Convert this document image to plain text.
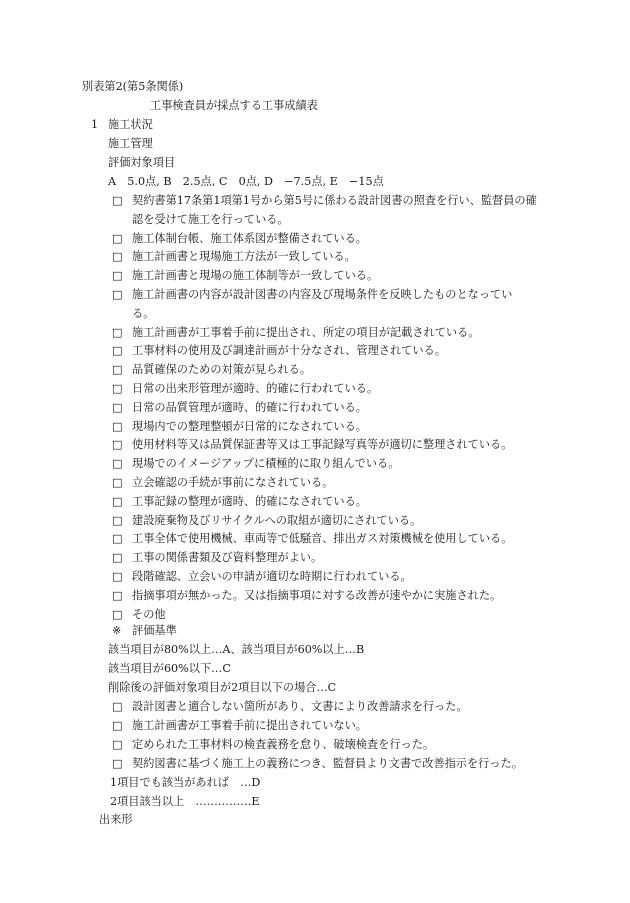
別表第2(第5条関係)
工事検査員が採点する工事成績表
1 施工状況
施工管理
評価対象項目
A　5.0点, B　2.5点, C　0点, D　−7.5点, E　−15点
□ 契約書第17条第1項第1号から第5号に係わる設計図書の照査を行い、監督員の確
認を受けて施工を行っている。
□ 施工体制台帳、施工体系図が整備されている。
□ 施工計画書と現場施工方法が一致している。
□ 施工計画書と現場の施工体制等が一致している。
□ 施工計画書の内容が設計図書の内容及び現場条件を反映したものとなってい
る。
□ 施工計画書が工事着手前に提出され、所定の項目が記載されている。
□ 工事材料の使用及び調達計画が十分なされ、管理されている。
□ 品質確保のための対策が見られる。
□ 日常の出来形管理が適時、的確に行われている。
□ 日常の品質管理が適時、的確に行われている。
□ 現場内での整理整頓が日常的になされている。
□ 使用材料等又は品質保証書等又は工事記録写真等が適切に整理されている。
□ 現場でのイメージアップに積極的に取り組んでいる。
□ 立会確認の手続が事前になされている。
□ 工事記録の整理が適時、的確になされている。
□ 建設廃棄物及びリサイクルへの取組が適切にされている。
□ 工事全体で使用機械、車両等で低騒音、排出ガス対策機械を使用している。
□ 工事の関係書類及び資料整理がよい。
□ 段階確認、立会いの申請が適切な時期に行われている。
□ 指摘事項が無かった。又は指摘事項に対する改善が速やかに実施された。
□ その他
※ 評価基準
該当項目が80%以上…A、該当項目が60%以上…B
該当項目が60%以下…C
削除後の評価対象項目が2項目以下の場合…C
□ 設計図書と適合しない箇所があり、文書により改善請求を行った。
□ 施工計画書が工事着手前に提出されていない。
□ 定められた工事材料の検査義務を怠り、破壊検査を行った。
□ 契約図書に基づく施工上の義務につき、監督員より文書で改善指示を行った。
1項目でも該当があれば　…D
2項目該当以上　……………E
出来形
